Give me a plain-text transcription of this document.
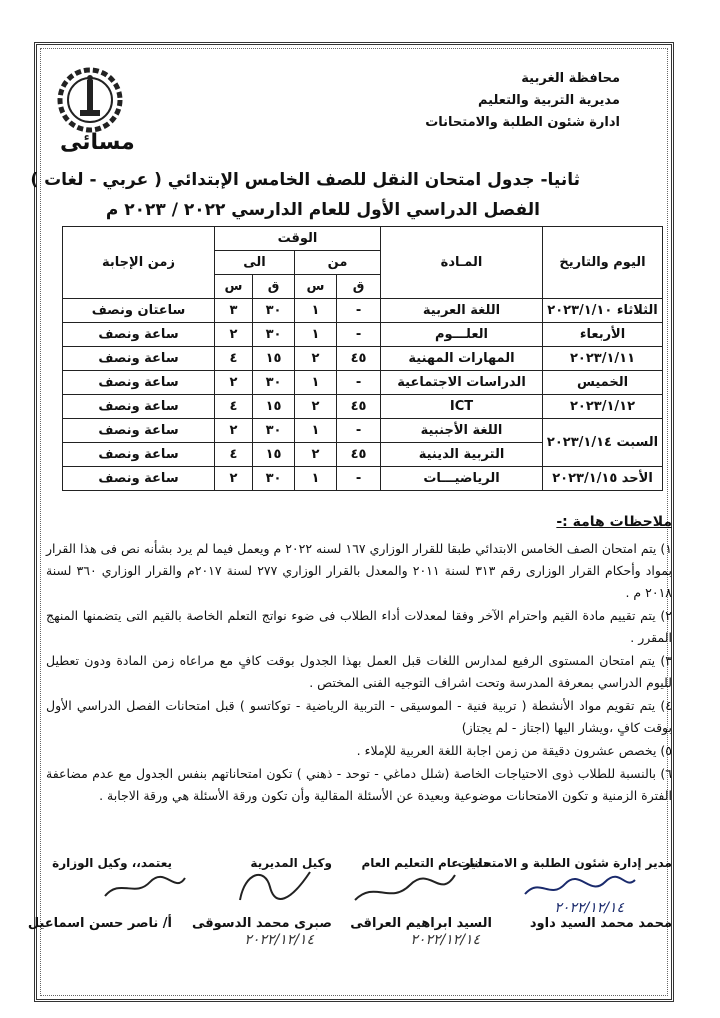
مسائى
محافظة الغربية
مديرية التربية والتعليم
ادارة شئون الطلبة والامتحانات
ثانيا- جدول امتحان النقل للصف الخامس الإبتدائي ( عربي - لغات )
الفصل الدراسي الأول للعام الدارسي ٢٠٢٢ / ٢٠٢٣ م
اليوم والتاريخ	المـادة	الوقت				زمن الإجابة
		من		الى		
		ق	س	ق	س	
الثلاثاء ٢٠٢٣/١/١٠	اللغة العربية	-	١	٣٠	٣	ساعتان ونصف
الأربعاء	العلـــوم	-	١	٣٠	٢	ساعة ونصف
٢٠٢٣/١/١١	المهارات المهنية	٤٥	٢	١٥	٤	ساعة ونصف
الخميس	الدراسات الاجتماعية	-	١	٣٠	٢	ساعة ونصف
٢٠٢٣/١/١٢	ICT	٤٥	٢	١٥	٤	ساعة ونصف
السبت ٢٠٢٣/١/١٤	اللغة الأجنبية	-	١	٣٠	٢	ساعة ونصف
	التربية الدينية	٤٥	٢	١٥	٤	ساعة ونصف
الأحد ٢٠٢٣/١/١٥	الرياضيـــات	-	١	٣٠	٢	ساعة ونصف
ملاحظات هامة :-

١) يتم امتحان الصف الخامس الابتدائي طبقا للقرار الوزاري ١٦٧ لسنه ٢٠٢٢ م ويعمل فيما لم يرد بشأنه نص فى هذا القرار بمواد وأحكام القرار الوزارى رقم ٣١٣ لسنة ٢٠١١ والمعدل بالقرار الوزاري ٢٧٧ لسنة ٢٠١٧م والقرار الوزاري ٣٦٠ لسنة ٢٠١٨ م .

٢) يتم تقييم مادة القيم واحترام الآخر وفقا لمعدلات أداء الطلاب فى ضوء نواتج التعلم الخاصة بالقيم التى يتضمنها المنهج المقرر .

٣) يتم امتحان المستوى الرفيع لمدارس اللغات قبل العمل بهذا الجدول بوقت كافٍ مع مراعاه زمن المادة ودون تعطيل لليوم الدراسي بمعرفة المدرسة وتحت اشراف التوجيه الفنى المختص .

٤) يتم تقويم مواد الأنشطة ( تربية فنية - الموسيقى - التربية الرياضية - توكاتسو ) قبل امتحانات الفصل الدراسي الأول بوقت كافٍ ،ويشار اليها (اجتاز - لم يجتاز)

٥) يخصص عشرون دقيقة من زمن اجابة اللغة العربية للإملاء .

٦) بالنسبة للطلاب ذوى الاحتياجات الخاصة (شلل دماغي - توحد - ذهني ) تكون امتحاناتهم بنفس الجدول مع عدم مضاعفة الفترة الزمنية و تكون الامتحانات موضوعية وبعيدة عن الأسئلة المقالية وأن تكون ورقة الأسئلة هي ورقة الاجابة .

مدير إدارة شئون الطلبة و الامتحانات
مدير عام التعليم العام
وكيل المديرية
يعتمد،، وكيل الوزارة
٢٠٢٢/١٢/١٤
محمد محمد السيد داود
السيد ابراهيم العراقى
صبرى محمد الدسوقى
أ/ ناصر حسن اسماعيل
٢٠٢٢/١٢/١٤
٢٠٢٢/١٢/١٤
